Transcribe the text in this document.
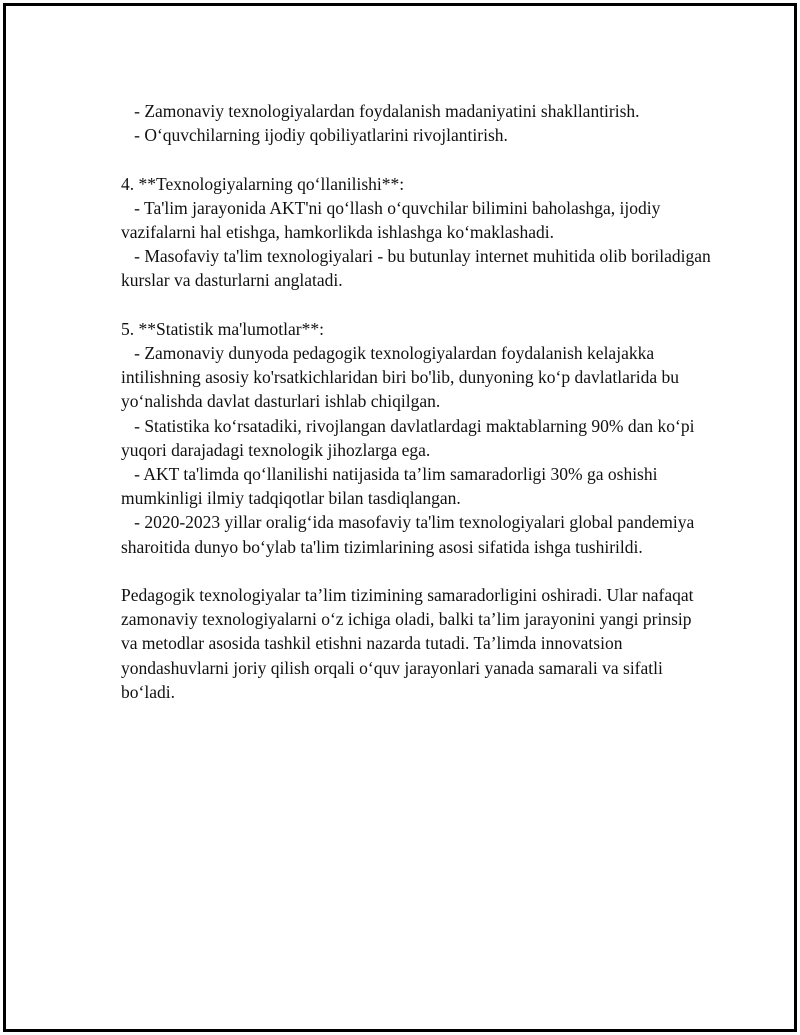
- Zamonaviy texnologiyalardan foydalanish madaniyatini shakllantirish.

- O‘quvchilarning ijodiy qobiliyatlarini rivojlantirish.

4. **Texnologiyalarning qo‘llanilishi**:

- Ta'lim jarayonida AKT'ni qo‘llash o‘quvchilar bilimini baholashga, ijodiy vazifalarni hal etishga, hamkorlikda ishlashga ko‘maklashadi.

- Masofaviy ta'lim texnologiyalari - bu butunlay internet muhitida olib boriladigan kurslar va dasturlarni anglatadi.

5. **Statistik ma'lumotlar**:

- Zamonaviy dunyoda pedagogik texnologiyalardan foydalanish kelajakka intilishning asosiy ko'rsatkichlaridan biri bo'lib, dunyoning ko‘p davlatlarida bu yo‘nalishda davlat dasturlari ishlab chiqilgan.

- Statistika ko‘rsatadiki, rivojlangan davlatlardagi maktablarning 90% dan ko‘pi yuqori darajadagi texnologik jihozlarga ega.

- AKT ta'limda qo‘llanilishi natijasida ta’lim samaradorligi 30% ga oshishi mumkinligi ilmiy tadqiqotlar bilan tasdiqlangan.

- 2020-2023 yillar oralig‘ida masofaviy ta'lim texnologiyalari global pandemiya sharoitida dunyo bo‘ylab ta'lim tizimlarining asosi sifatida ishga tushirildi.

Pedagogik texnologiyalar ta’lim tizimining samaradorligini oshiradi. Ular nafaqat zamonaviy texnologiyalarni o‘z ichiga oladi, balki ta’lim jarayonini yangi prinsip va metodlar asosida tashkil etishni nazarda tutadi. Ta’limda innovatsion yondashuvlarni joriy qilish orqali o‘quv jarayonlari yanada samarali va sifatli bo‘ladi.
